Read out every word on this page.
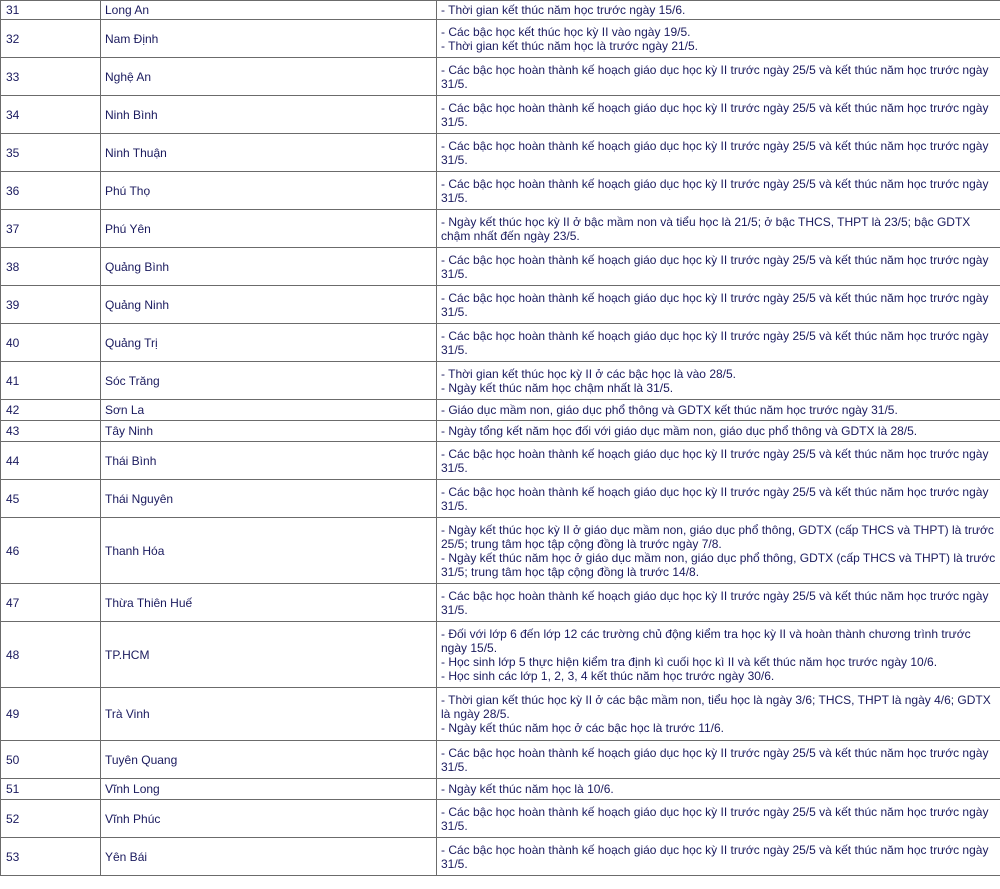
31	Long An	- Thời gian kết thúc năm học trước ngày 15/6.

32	Nam Định	- Các bậc học kết thúc học kỳ II vào ngày 19/5.
- Thời gian kết thúc năm học là trước ngày 21/5.

33	Nghệ An	- Các bậc học hoàn thành kế hoạch giáo dục học kỳ II trước ngày 25/5 và kết thúc năm học trước ngày 31/5.

34	Ninh Bình	- Các bậc học hoàn thành kế hoạch giáo dục học kỳ II trước ngày 25/5 và kết thúc năm học trước ngày 31/5.

35	Ninh Thuận	- Các bậc học hoàn thành kế hoạch giáo dục học kỳ II trước ngày 25/5 và kết thúc năm học trước ngày 31/5.

36	Phú Thọ	- Các bậc học hoàn thành kế hoạch giáo dục học kỳ II trước ngày 25/5 và kết thúc năm học trước ngày 31/5.

37	Phú Yên	- Ngày kết thúc học kỳ II ở bậc mầm non và tiểu học là 21/5; ở bậc THCS, THPT là 23/5; bậc GDTX chậm nhất đến ngày 23/5.

38	Quảng Bình	- Các bậc học hoàn thành kế hoạch giáo dục học kỳ II trước ngày 25/5 và kết thúc năm học trước ngày 31/5.

39	Quảng Ninh	- Các bậc học hoàn thành kế hoạch giáo dục học kỳ II trước ngày 25/5 và kết thúc năm học trước ngày 31/5.

40	Quảng Trị	- Các bậc học hoàn thành kế hoạch giáo dục học kỳ II trước ngày 25/5 và kết thúc năm học trước ngày 31/5.

41	Sóc Trăng	- Thời gian kết thúc học kỳ II ở các bậc học là vào 28/5.
- Ngày kết thúc năm học chậm nhất là 31/5.

42	Sơn La	- Giáo dục mầm non, giáo dục phổ thông và GDTX kết thúc năm học trước ngày 31/5.

43	Tây Ninh	- Ngày tổng kết năm học đối với giáo dục mầm non, giáo dục phổ thông và GDTX là 28/5.

44	Thái Bình	- Các bậc học hoàn thành kế hoạch giáo dục học kỳ II trước ngày 25/5 và kết thúc năm học trước ngày 31/5.

45	Thái Nguyên	- Các bậc học hoàn thành kế hoạch giáo dục học kỳ II trước ngày 25/5 và kết thúc năm học trước ngày 31/5.

46	Thanh Hóa	- Ngày kết thúc học kỳ II ở giáo dục mầm non, giáo dục phổ thông, GDTX (cấp THCS và THPT) là trước 25/5; trung tâm học tập cộng đồng là trước ngày 7/8.
- Ngày kết thúc năm học ở giáo dục mầm non, giáo dục phổ thông, GDTX (cấp THCS và THPT) là trước 31/5; trung tâm học tập cộng đồng là trước 14/8.

47	Thừa Thiên Huế	- Các bậc học hoàn thành kế hoạch giáo dục học kỳ II trước ngày 25/5 và kết thúc năm học trước ngày 31/5.

48	TP.HCM	- Đối với lớp 6 đến lớp 12 các trường chủ động kiểm tra học kỳ II và hoàn thành chương trình trước ngày 15/5.
- Học sinh lớp 5 thực hiện kiểm tra định kì cuối học kì II và kết thúc năm học trước ngày 10/6.
- Học sinh các lớp 1, 2, 3, 4 kết thúc năm học trước ngày 30/6.

49	Trà Vinh	- Thời gian kết thúc học kỳ II ở các bậc mầm non, tiểu học là ngày 3/6; THCS, THPT là ngày 4/6; GDTX là ngày 28/5.
- Ngày kết thúc năm học ở các bậc học là trước 11/6.

50	Tuyên Quang	- Các bậc học hoàn thành kế hoạch giáo dục học kỳ II trước ngày 25/5 và kết thúc năm học trước ngày 31/5.

51	Vĩnh Long	- Ngày kết thúc năm học là 10/6.

52	Vĩnh Phúc	- Các bậc học hoàn thành kế hoạch giáo dục học kỳ II trước ngày 25/5 và kết thúc năm học trước ngày 31/5.

53	Yên Bái	- Các bậc học hoàn thành kế hoạch giáo dục học kỳ II trước ngày 25/5 và kết thúc năm học trước ngày 31/5.
